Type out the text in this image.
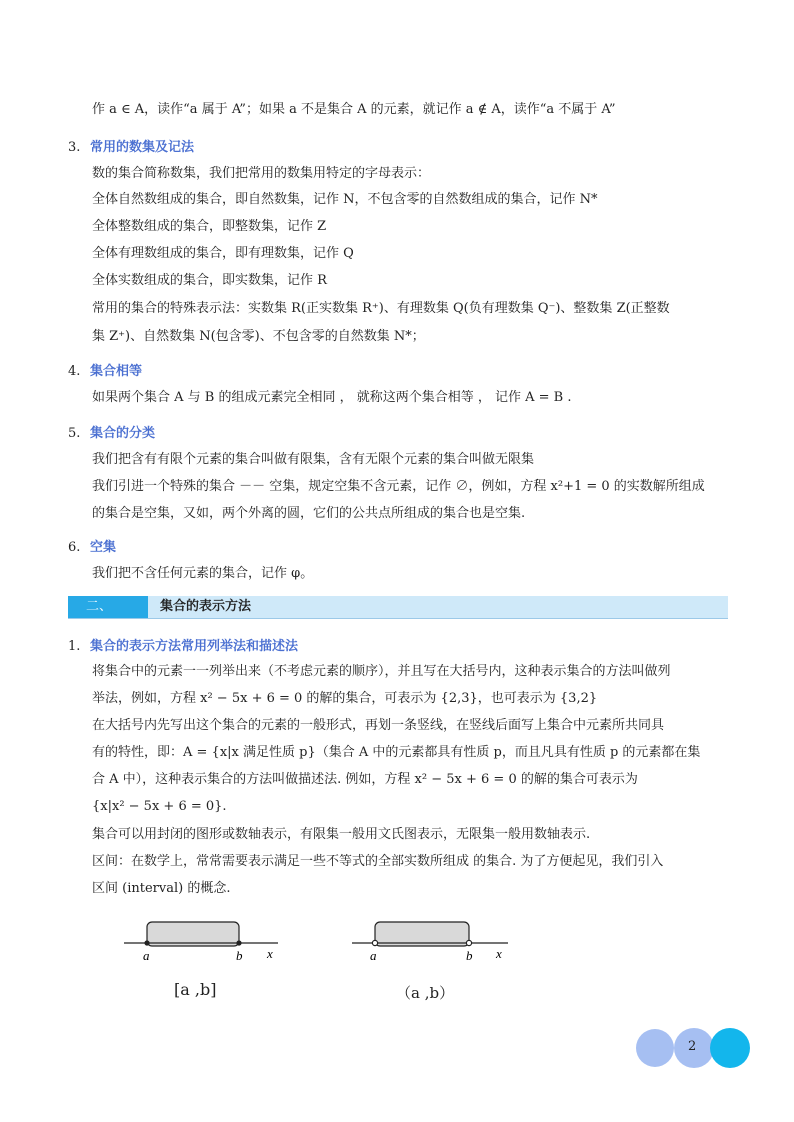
作 a ∈ A，读作“a 属于 A”；如果 a 不是集合 A 的元素，就记作 a ∉ A，读作“a 不属于 A”
3. 常用的数集及记法
数的集合简称数集，我们把常用的数集用特定的字母表示：
全体自然数组成的集合，即自然数集，记作 N，不包含零的自然数组成的集合，记作 N*
全体整数组成的集合，即整数集，记作 Z
全体有理数组成的集合，即有理数集，记作 Q
全体实数组成的集合，即实数集，记作 R
常用的集合的特殊表示法：实数集 R(正实数集 R⁺)、有理数集 Q(负有理数集 Q⁻)、整数集 Z(正整数
集 Z⁺)、自然数集 N(包含零)、不包含零的自然数集 N*；
4. 集合相等
如果两个集合 A 与 B 的组成元素完全相同 ， 就称这两个集合相等 ， 记作 A = B .
5. 集合的分类
我们把含有有限个元素的集合叫做有限集，含有无限个元素的集合叫做无限集
我们引进一个特殊的集合 －－ 空集，规定空集不含元素，记作 ∅，例如，方程 x²+1 = 0 的实数解所组成
的集合是空集，又如，两个外离的圆，它们的公共点所组成的集合也是空集.
6. 空集
我们把不含任何元素的集合，记作 φ。
二、	集合的表示方法
1. 集合的表示方法常用列举法和描述法
将集合中的元素一一列举出来（不考虑元素的顺序），并且写在大括号内，这种表示集合的方法叫做列
举法，例如，方程 x² − 5x + 6 = 0 的解的集合，可表示为 {2,3}，也可表示为 {3,2}
在大括号内先写出这个集合的元素的一般形式，再划一条竖线，在竖线后面写上集合中元素所共同具
有的特性，即：A = {x|x 满足性质 p}（集合 A 中的元素都具有性质 p，而且凡具有性质 p 的元素都在集
合 A 中），这种表示集合的方法叫做描述法. 例如，方程 x² − 5x + 6 = 0 的解的集合可表示为
{x|x² − 5x + 6 = 0}.
集合可以用封闭的图形或数轴表示，有限集一般用文氏图表示，无限集一般用数轴表示.
区间：在数学上，常常需要表示满足一些不等式的全部实数所组成 的集合. 为了方便起见，我们引入
区间 (interval) 的概念.
a	b x
[a ,b]
a	b x
（a ,b）
2
